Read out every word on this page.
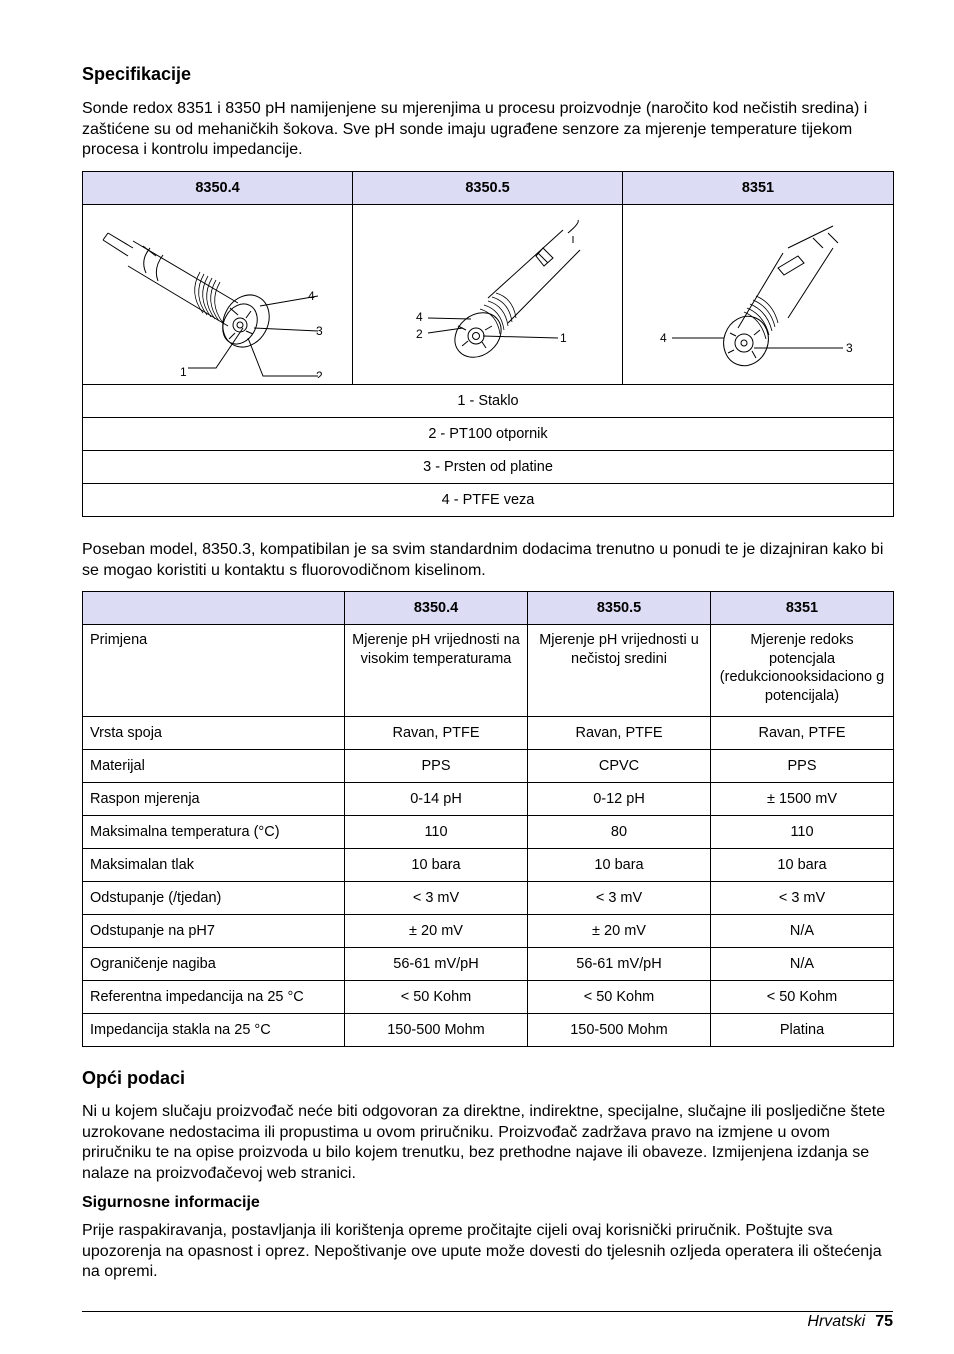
Specifikacije

Sonde redox 8351 i 8350 pH namijenjene su mjerenjima u procesu proizvodnje (naročito kod nečistih sredina) i zaštićene su od mehaničkih šokova. Sve pH sonde imaju ugrađene senzore za mjerenje temperature tijekom procesa i kontrolu impedancije.

8350.4	8350.5	8351

4
3
1 2	4
2 1	4
3

1 - Staklo		
2 - PT100 otpornik		
3 - Prsten od platine		
4 - PTFE veza		

Poseban model, 8350.3, kompatibilan je sa svim standardnim dodacima trenutno u ponudi te je dizajniran kako bi se mogao koristiti u kontaktu s fluorovodičnom kiselinom.

	8350.4	8350.5	8351
Primjena	Mjerenje pH vrijednosti na visokim temperaturama	Mjerenje pH vrijednosti u nečistoj sredini	Mjerenje redoks potencjala (redukcionooksidaciono g potencijala)
Vrsta spoja	Ravan, PTFE	Ravan, PTFE	Ravan, PTFE
Materijal	PPS	CPVC	PPS
Raspon mjerenja	0-14 pH	0-12 pH	± 1500 mV
Maksimalna temperatura (°C)	110	80	110
Maksimalan tlak	10 bara	10 bara	10 bara
Odstupanje (/tjedan)	< 3 mV	< 3 mV	< 3 mV
Odstupanje na pH7	± 20 mV	± 20 mV	N/A
Ograničenje nagiba	56-61 mV/pH	56-61 mV/pH	N/A
Referentna impedancija na 25 °C	< 50 Kohm	< 50 Kohm	< 50 Kohm
Impedancija stakla na 25 °C	150-500 Mohm	150-500 Mohm	Platina
Opći podaci

Ni u kojem slučaju proizvođač neće biti odgovoran za direktne, indirektne, specijalne, slučajne ili posljedične štete uzrokovane nedostacima ili propustima u ovom priručniku. Proizvođač zadržava pravo na izmjene u ovom priručniku te na opise proizvoda u bilo kojem trenutku, bez prethodne najave ili obaveze. Izmijenjena izdanja se nalaze na proizvođačevoj web stranici.

Sigurnosne informacije

Prije raspakiravanja, postavljanja ili korištenja opreme pročitajte cijeli ovaj korisnički priručnik. Poštujte sva upozorenja na opasnost i oprez. Nepoštivanje ove upute može dovesti do tjelesnih ozljeda operatera ili oštećenja na opremi.

Hrvatski 75
